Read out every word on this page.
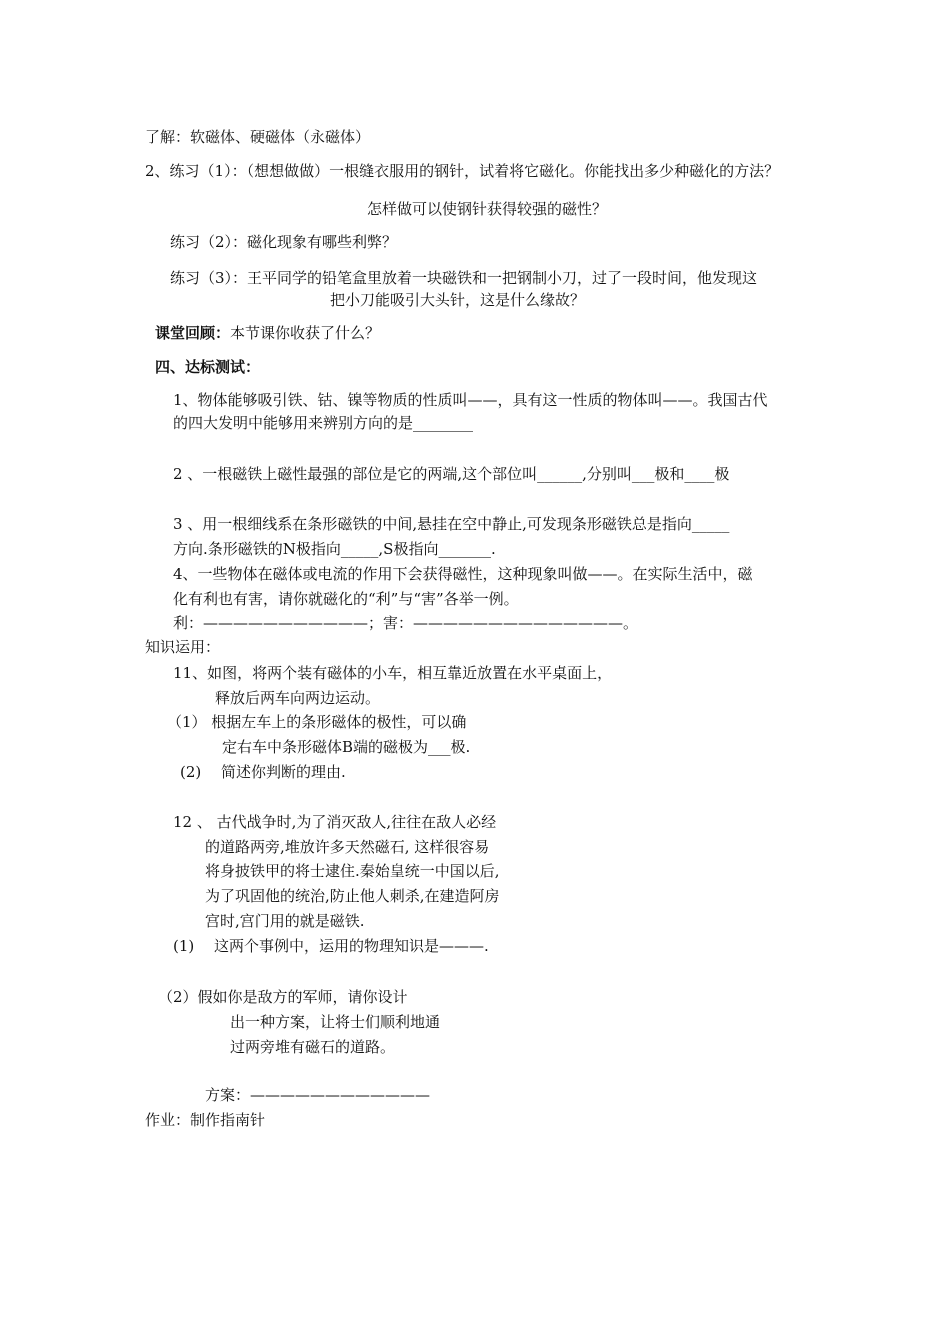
了解：软磁体、硬磁体（永磁体）
2、练习（1）：（想想做做）一根缝衣服用的钢针，试着将它磁化。你能找出多少种磁化的方法？
怎样做可以使钢针获得较强的磁性？
练习（2）：磁化现象有哪些利弊？
练习（3）：王平同学的铅笔盒里放着一块磁铁和一把钢制小刀，过了一段时间，他发现这
把小刀能吸引大头针，这是什么缘故？
课堂回顾：本节课你收获了什么？
四、达标测试：
1、物体能够吸引铁、钴、镍等物质的性质叫——，具有这一性质的物体叫——。我国古代
的四大发明中能够用来辨别方向的是________
2 、一根磁铁上磁性最强的部位是它的两端,这个部位叫______,分别叫___极和____极
3 、用一根细线系在条形磁铁的中间,悬挂在空中静止,可发现条形磁铁总是指向_____
方向.条形磁铁的N极指向_____,S极指向_______.
4、一些物体在磁体或电流的作用下会获得磁性，这种现象叫做——。在实际生活中，磁
化有利也有害，请你就磁化的“利”与“害”各举一例。
利：———————————；害：——————————————。
知识运用：
11、如图，将两个装有磁体的小车，相互靠近放置在水平桌面上，
释放后两车向两边运动。
（1） 根据左车上的条形磁体的极性，可以确
定右车中条形磁体B端的磁极为___极.
(2) 　简述你判断的理由.
12 、 古代战争时,为了消灭敌人,往往在敌人必经
的道路两旁,堆放许多天然磁石, 这样很容易
将身披铁甲的将士逮住.秦始皇统一中国以后,
为了巩固他的统治,防止他人刺杀,在建造阿房
宫时,宫门用的就是磁铁.
(1) 　这两个事例中，运用的物理知识是———.
（2）假如你是敌方的军师，请你设计
出一种方案，让将士们顺利地通
过两旁堆有磁石的道路。
方案：————————————
作业：制作指南针
